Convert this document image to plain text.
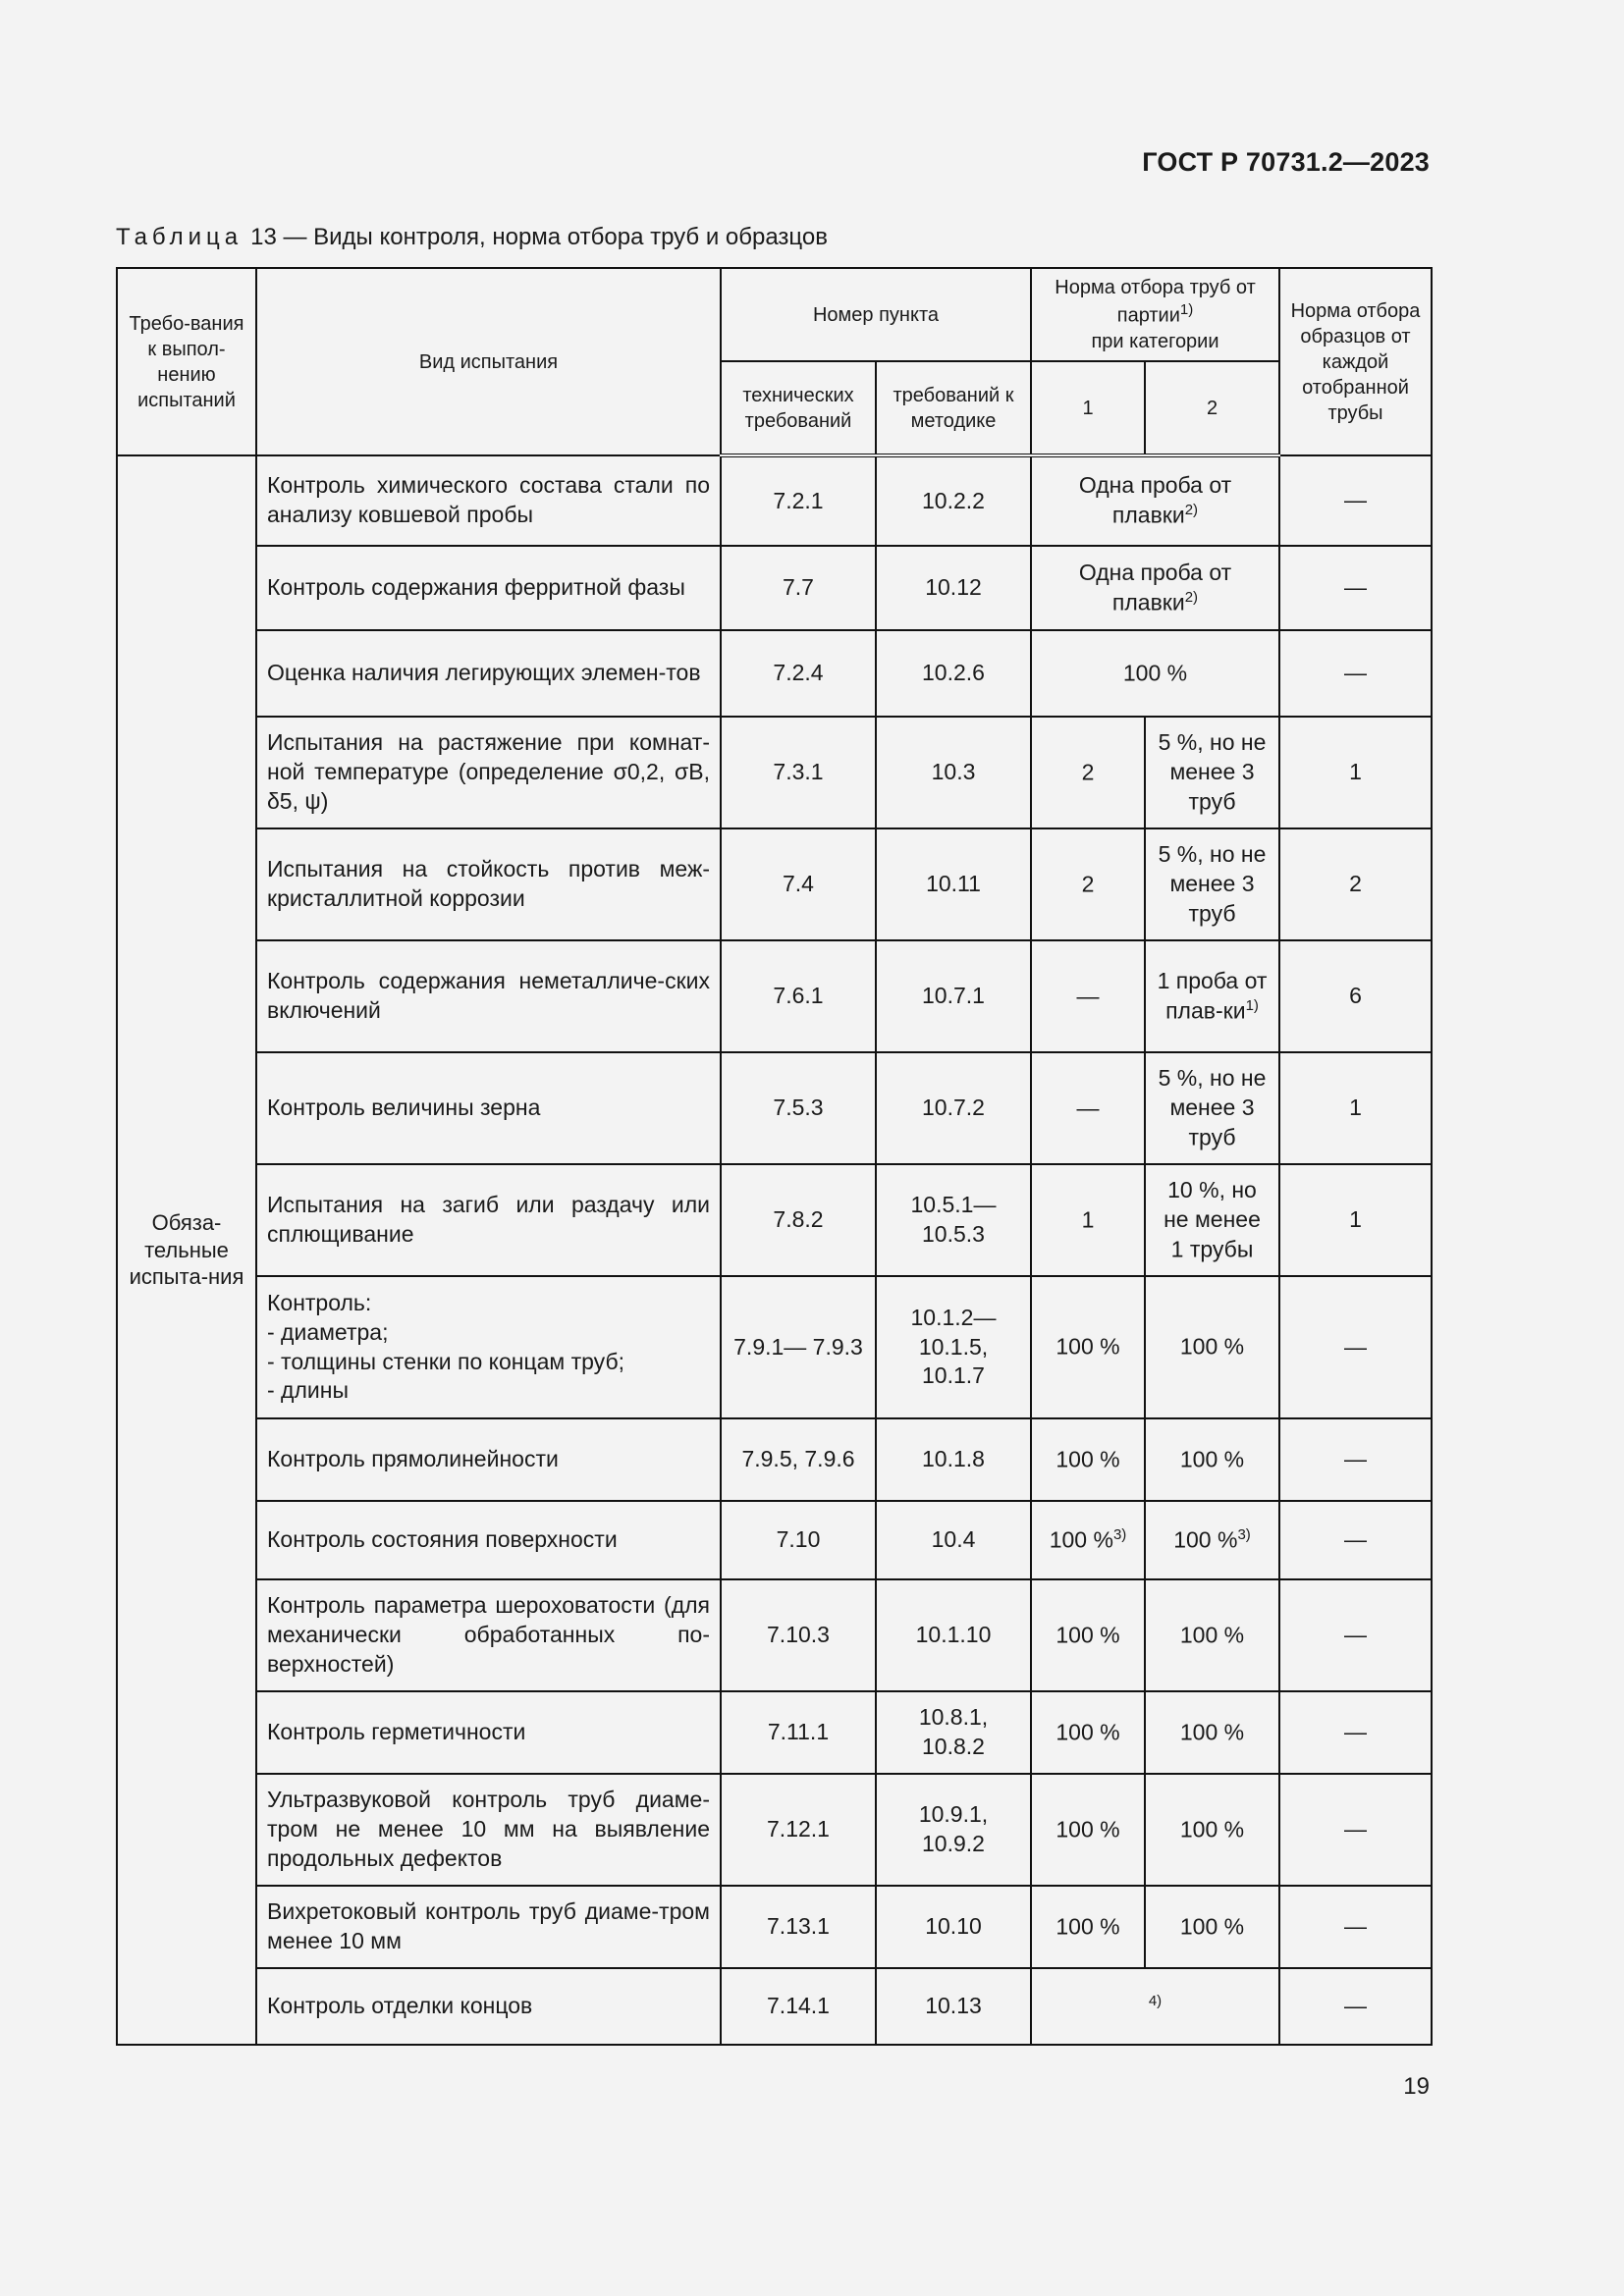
ГОСТ Р 70731.2—2023
Таблица 13 — Виды контроля, норма отбора труб и образцов
Требо-вания к выпол-нению испытаний	Вид испытания	Номер пункта		Норма отбора труб от партии$^{1)}$
при категории		Норма отбора образцов от каждой отобранной трубы
		технических требований	требований к методике	1	2	
Обяза-тельные испыта-ния	Контроль химического состава стали по анализу ковшевой пробы	7.2.1	10.2.2	Одна проба от плавки$^{2)}$		—
	Контроль содержания ферритной фазы	7.7	10.12	Одна проба от плавки$^{2)}$		—
	Оценка наличия легирующих элемен-тов	7.2.4	10.2.6	100 %		—
	Испытания на растяжение при комнат-ной температуре (определение σ0,2, σB, δ5, ψ)	7.3.1	10.3	2	5 %, но не менее 3 труб	1
	Испытания на стойкость против меж-кристаллитной коррозии	7.4	10.11	2	5 %, но не менее 3 труб	2
	Контроль содержания неметалличе-ских включений	7.6.1	10.7.1	—	1 проба от плав-$ки^{1)}$	6
	Контроль величины зерна	7.5.3	10.7.2	—	5 %, но не менее 3 труб	1
	Испытания на загиб или раздачу или сплющивание	7.8.2	10.5.1— 10.5.3	1	10 %, но не менее 1 трубы	1
	Контроль:
- диаметра;
- толщины стенки по концам труб;
- длины	7.9.1— 7.9.3	10.1.2— 10.1.5, 10.1.7	100 %	100 %	—
	Контроль прямолинейности	7.9.5, 7.9.6	10.1.8	100 %	100 %	—
	Контроль состояния поверхности	7.10	10.4	100 %$^{3)}$	100 %$^{3)}$	—
	Контроль параметра шероховатости (для механически обработанных по-верхностей)	7.10.3	10.1.10	100 %	100 %	—
	Контроль герметичности	7.11.1	10.8.1, 10.8.2	100 %	100 %	—
	Ультразвуковой контроль труб диаме-тром не менее 10 мм на выявление продольных дефектов	7.12.1	10.9.1, 10.9.2	100 %	100 %	—
	Вихретоковый контроль труб диаме-тром менее 10 мм	7.13.1	10.10	100 %	100 %	—
	Контроль отделки концов	7.14.1	10.13	$^{4)}$		—
19
